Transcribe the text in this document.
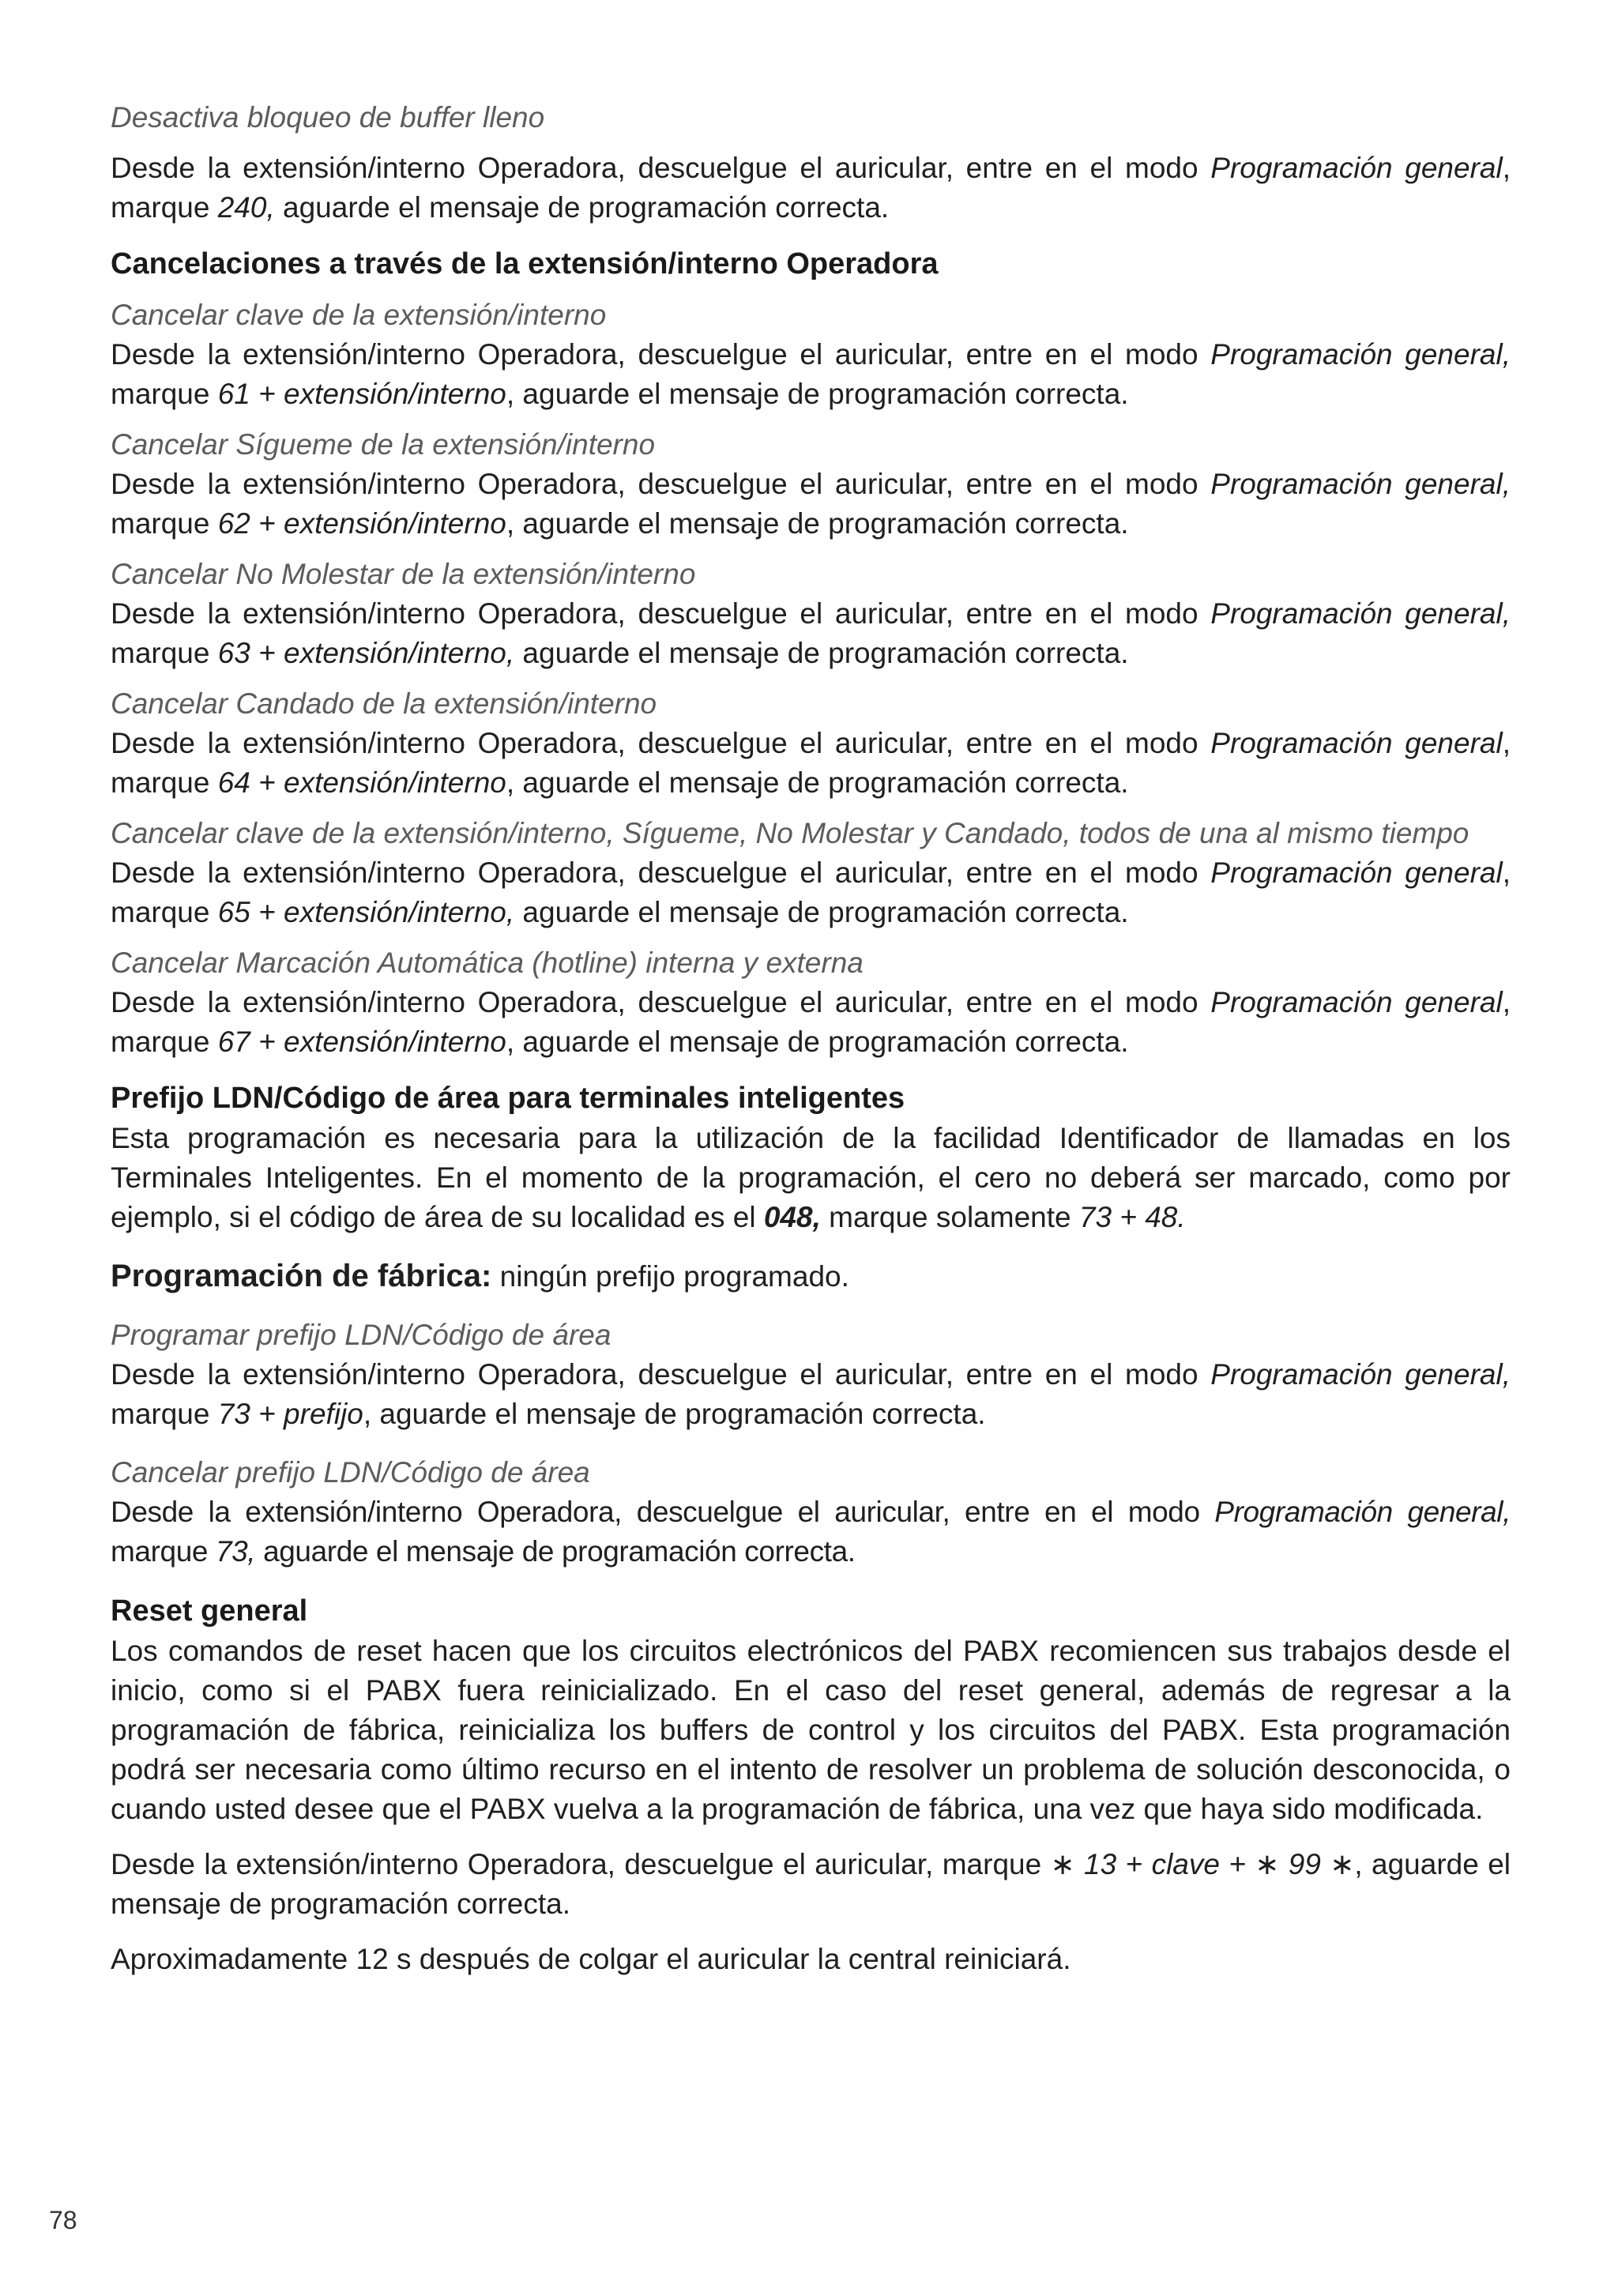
Desactiva bloqueo de buffer lleno

Desde la extensión/interno Operadora, descuelgue el auricular, entre en el modo Programación general, marque 240, aguarde el mensaje de programación correcta.

Cancelaciones a través de la extensión/interno Operadora

Cancelar clave de la extensión/interno

Desde la extensión/interno Operadora, descuelgue el auricular, entre en el modo Programación general, marque 61 + extensión/interno, aguarde el mensaje de programación correcta.

Cancelar Sígueme de la extensión/interno

Desde la extensión/interno Operadora, descuelgue el auricular, entre en el modo Programación general, marque 62 + extensión/interno, aguarde el mensaje de programación correcta.

Cancelar No Molestar de la extensión/interno

Desde la extensión/interno Operadora, descuelgue el auricular, entre en el modo Programación general, marque 63 + extensión/interno, aguarde el mensaje de programación correcta.

Cancelar Candado de la extensión/interno

Desde la extensión/interno Operadora, descuelgue el auricular, entre en el modo Programación general, marque 64 + extensión/interno, aguarde el mensaje de programación correcta.

Cancelar clave de la extensión/interno, Sígueme, No Molestar y Candado, todos de una al mismo tiempo

Desde la extensión/interno Operadora, descuelgue el auricular, entre en el modo Programación general, marque 65 + extensión/interno, aguarde el mensaje de programación correcta.

Cancelar Marcación Automática (hotline) interna y externa

Desde la extensión/interno Operadora, descuelgue el auricular, entre en el modo Programación general, marque 67 + extensión/interno, aguarde el mensaje de programación correcta.

Prefijo LDN/Código de área para terminales inteligentes

Esta programación es necesaria para la utilización de la facilidad Identificador de llamadas en los Terminales Inteligentes. En el momento de la programación, el cero no deberá ser marcado, como por ejemplo, si el código de área de su localidad es el 048, marque solamente 73 + 48.

Programación de fábrica: ningún prefijo programado.

Programar prefijo LDN/Código de área

Desde la extensión/interno Operadora, descuelgue el auricular, entre en el modo Programación general, marque 73 + prefijo, aguarde el mensaje de programación correcta.

Cancelar prefijo LDN/Código de área

Desde la extensión/interno Operadora, descuelgue el auricular, entre en el modo Programación general, marque 73, aguarde el mensaje de programación correcta.

Reset general

Los comandos de reset hacen que los circuitos electrónicos del PABX recomiencen sus trabajos desde el inicio, como si el PABX fuera reinicializado. En el caso del reset general, además de regresar a la programación de fábrica, reinicializa los buffers de control y los circuitos del PABX. Esta programación podrá ser necesaria como último recurso en el intento de resolver un problema de solución desconocida, o cuando usted desee que el PABX vuelva a la programación de fábrica, una vez que haya sido modificada.

Desde la extensión/interno Operadora, descuelgue el auricular, marque ∗ 13 + clave + ∗ 99 ∗, aguarde el mensaje de programación correcta.

Aproximadamente 12 s después de colgar el auricular la central reiniciará.

78
